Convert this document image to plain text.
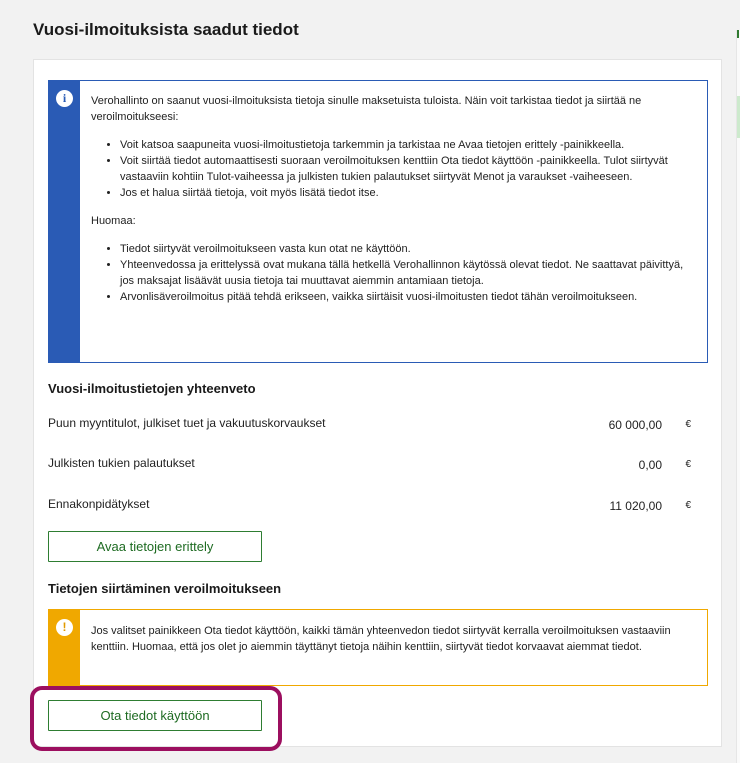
Vuosi-ilmoituksista saadut tiedot
i	Verohallinto on saanut vuosi-ilmoituksista tietoja sinulle maksetuista tuloista. Näin voit tarkistaa tiedot ja siirtää ne veroilmoitukseesi:

• Voit katsoa saapuneita vuosi-ilmoitustietoja tarkemmin ja tarkistaa ne Avaa tietojen erittely -painikkeella.
• Voit siirtää tiedot automaattisesti suoraan veroilmoituksen kenttiin Ota tiedot käyttöön -painikkeella. Tulot siirtyvät vastaaviin kohtiin Tulot-vaiheessa ja julkisten tukien palautukset siirtyvät Menot ja varaukset -vaiheeseen.
• Jos et halua siirtää tietoja, voit myös lisätä tiedot itse.

Huomaa:

• Tiedot siirtyvät veroilmoitukseen vasta kun otat ne käyttöön.
• Yhteenvedossa ja erittelyssä ovat mukana tällä hetkellä Verohallinnon käytössä olevat tiedot. Ne saattavat päivittyä, jos maksajat lisäävät uusia tietoja tai muuttavat aiemmin antamiaan tietoja.
• Arvonlisäveroilmoitus pitää tehdä erikseen, vaikka siirtäisit vuosi-ilmoitusten tiedot tähän veroilmoitukseen.
Vuosi-ilmoitustietojen yhteenveto
Puun myyntitulot, julkiset tuet ja vakuutuskorvaukset	60 000,00 €
Julkisten tukien palautukset	0,00 €
Ennakonpidätykset	11 020,00 €
Avaa tietojen erittely
Tietojen siirtäminen veroilmoitukseen
!	Jos valitset painikkeen Ota tiedot käyttöön, kaikki tämän yhteenvedon tiedot siirtyvät kerralla veroilmoituksen vastaaviin kenttiin. Huomaa, että jos olet jo aiemmin täyttänyt tietoja näihin kenttiin, siirtyvät tiedot korvaavat aiemmat tiedot.

Ota tiedot käyttöön
